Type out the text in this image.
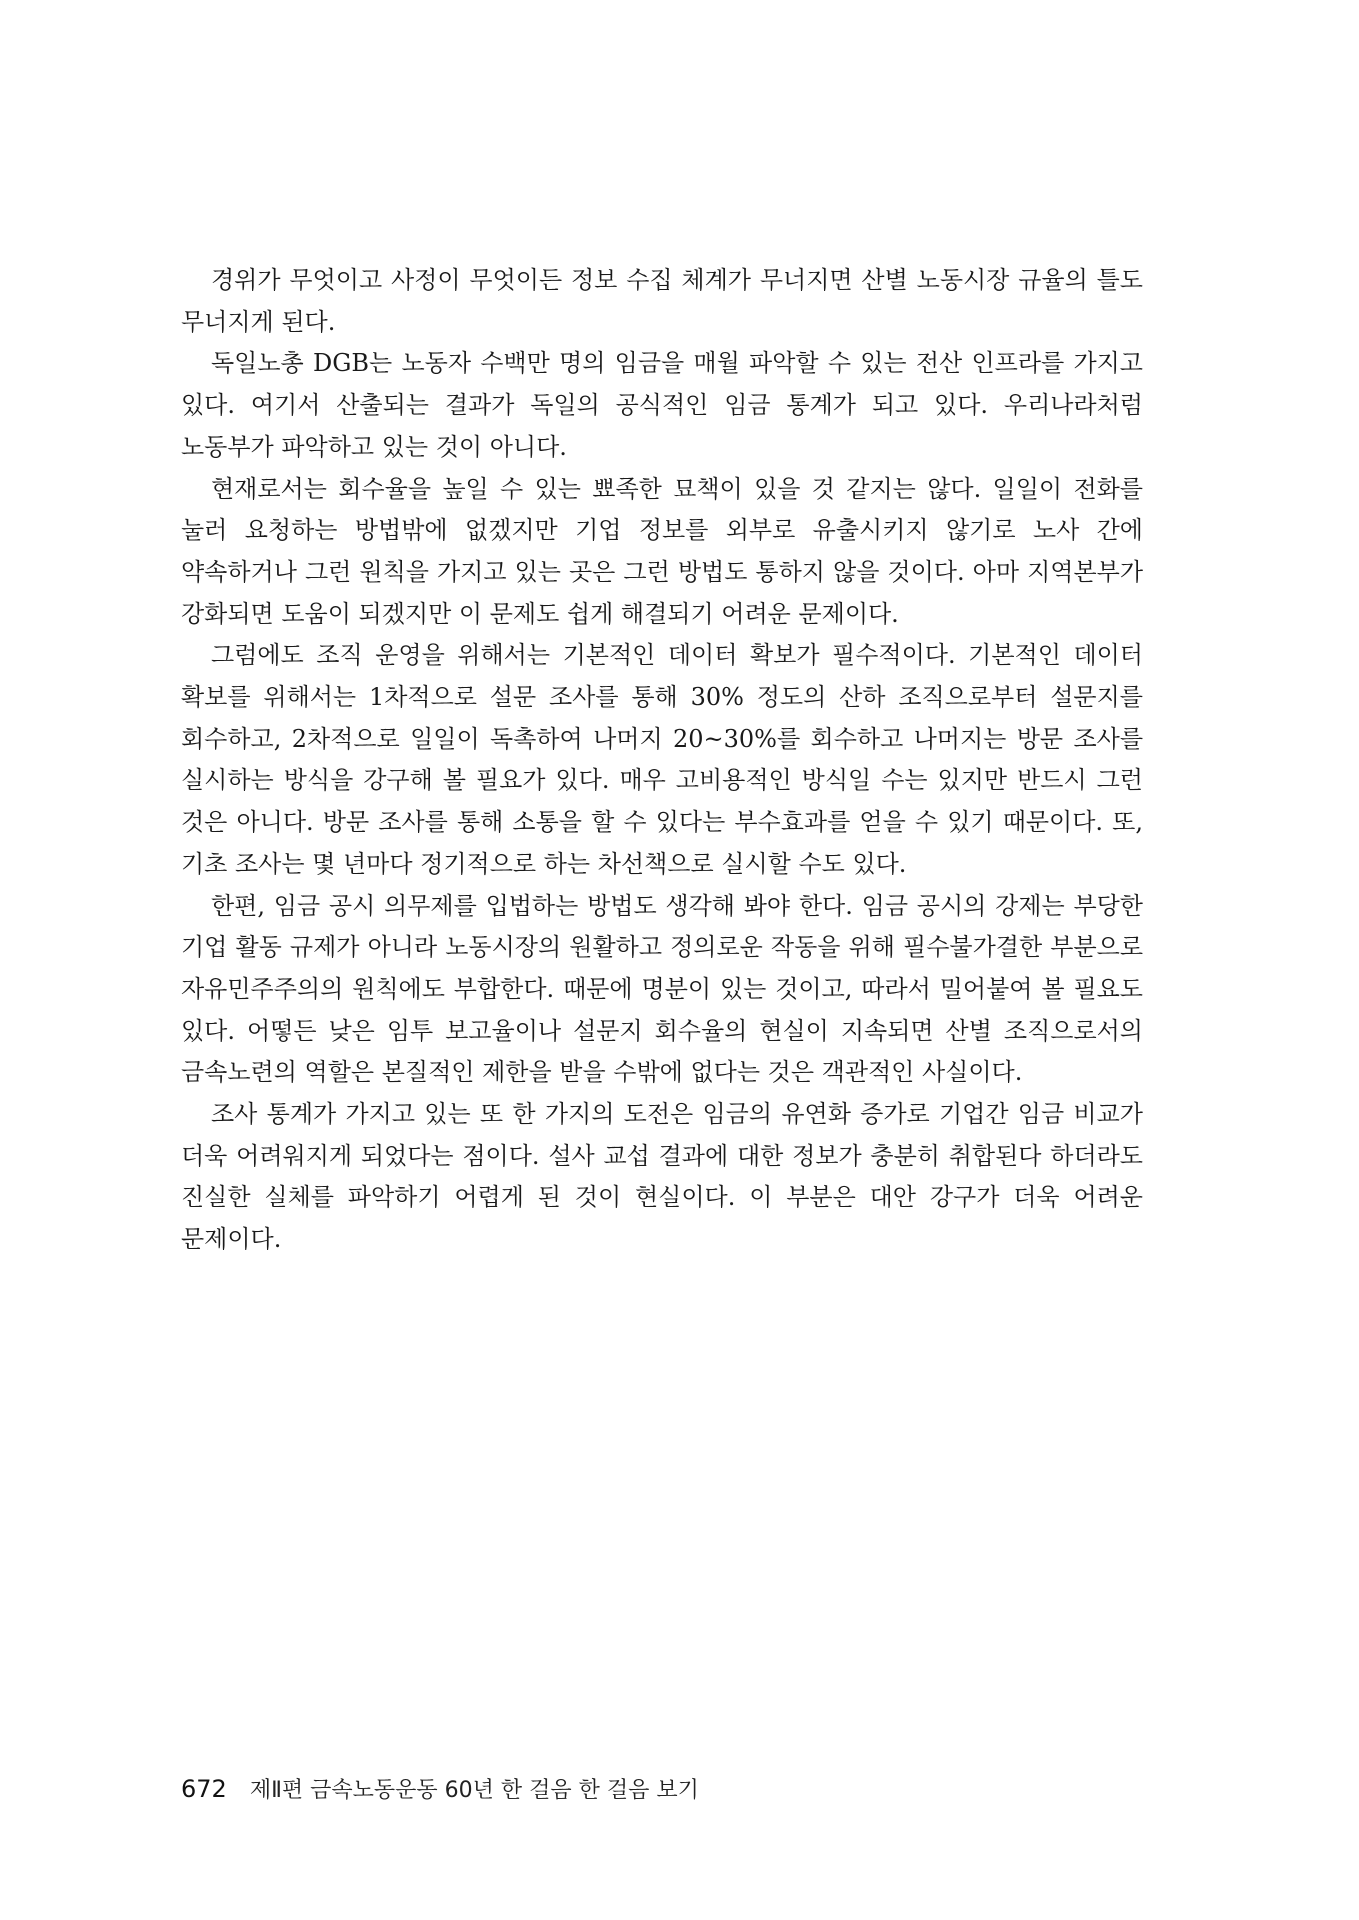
경위가 무엇이고 사정이 무엇이든 정보 수집 체계가 무너지면 산별 노동시장 규율의 틀도 무너지게 된다.

독일노총 DGB는 노동자 수백만 명의 임금을 매월 파악할 수 있는 전산 인프라를 가지고 있다. 여기서 산출되는 결과가 독일의 공식적인 임금 통계가 되고 있다. 우리나라처럼 노동부가 파악하고 있는 것이 아니다.

현재로서는 회수율을 높일 수 있는 뾰족한 묘책이 있을 것 같지는 않다. 일일이 전화를 눌러 요청하는 방법밖에 없겠지만 기업 정보를 외부로 유출시키지 않기로 노사 간에 약속하거나 그런 원칙을 가지고 있는 곳은 그런 방법도 통하지 않을 것이다. 아마 지역본부가 강화되면 도움이 되겠지만 이 문제도 쉽게 해결되기 어려운 문제이다.

그럼에도 조직 운영을 위해서는 기본적인 데이터 확보가 필수적이다. 기본적인 데이터 확보를 위해서는 1차적으로 설문 조사를 통해 30% 정도의 산하 조직으로부터 설문지를 회수하고, 2차적으로 일일이 독촉하여 나머지 20~30%를 회수하고 나머지는 방문 조사를 실시하는 방식을 강구해 볼 필요가 있다. 매우 고비용적인 방식일 수는 있지만 반드시 그런 것은 아니다. 방문 조사를 통해 소통을 할 수 있다는 부수효과를 얻을 수 있기 때문이다. 또, 기초 조사는 몇 년마다 정기적으로 하는 차선책으로 실시할 수도 있다.

한편, 임금 공시 의무제를 입법하는 방법도 생각해 봐야 한다. 임금 공시의 강제는 부당한 기업 활동 규제가 아니라 노동시장의 원활하고 정의로운 작동을 위해 필수불가결한 부분으로 자유민주주의의 원칙에도 부합한다. 때문에 명분이 있는 것이고, 따라서 밀어붙여 볼 필요도 있다. 어떻든 낮은 임투 보고율이나 설문지 회수율의 현실이 지속되면 산별 조직으로서의 금속노련의 역할은 본질적인 제한을 받을 수밖에 없다는 것은 객관적인 사실이다.

조사 통계가 가지고 있는 또 한 가지의 도전은 임금의 유연화 증가로 기업간 임금 비교가 더욱 어려워지게 되었다는 점이다. 설사 교섭 결과에 대한 정보가 충분히 취합된다 하더라도 진실한 실체를 파악하기 어렵게 된 것이 현실이다. 이 부분은 대안 강구가 더욱 어려운 문제이다.

672 제Ⅱ편 금속노동운동 60년 한 걸음 한 걸음 보기
